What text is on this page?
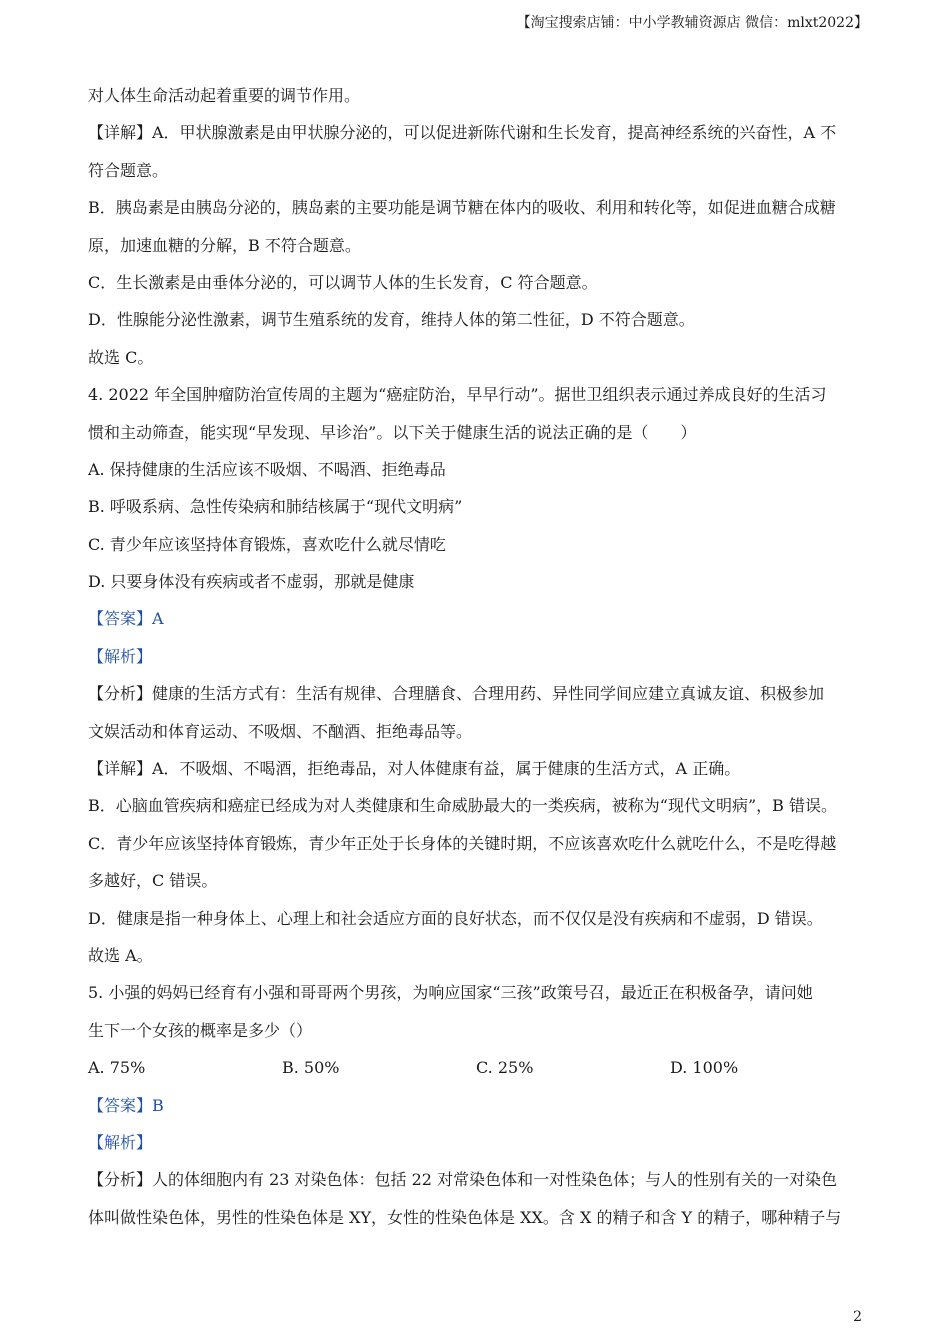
【淘宝搜索店铺：中小学教辅资源店 微信：mlxt2022】
对人体生命活动起着重要的调节作用。
【详解】A．甲状腺激素是由甲状腺分泌的，可以促进新陈代谢和生长发育，提高神经系统的兴奋性，A 不
符合题意。
B．胰岛素是由胰岛分泌的，胰岛素的主要功能是调节糖在体内的吸收、利用和转化等，如促进血糖合成糖
原，加速血糖的分解，B 不符合题意。
C．生长激素是由垂体分泌的，可以调节人体的生长发育，C 符合题意。
D．性腺能分泌性激素，调节生殖系统的发育，维持人体的第二性征，D 不符合题意。
故选 C。
4. 2022 年全国肿瘤防治宣传周的主题为“癌症防治，早早行动”。据世卫组织表示通过养成良好的生活习
惯和主动筛查，能实现“早发现、早诊治”。以下关于健康生活的说法正确的是（　　）
A. 保持健康的生活应该不吸烟、不喝酒、拒绝毒品
B. 呼吸系病、急性传染病和肺结核属于“现代文明病”
C. 青少年应该坚持体育锻炼，喜欢吃什么就尽情吃
D. 只要身体没有疾病或者不虚弱，那就是健康
【答案】A
【解析】
【分析】健康的生活方式有：生活有规律、合理膳食、合理用药、异性同学间应建立真诚友谊、积极参加
文娱活动和体育运动、不吸烟、不酗酒、拒绝毒品等。
【详解】A．不吸烟、不喝酒，拒绝毒品，对人体健康有益，属于健康的生活方式，A 正确。
B．心脑血管疾病和癌症已经成为对人类健康和生命威胁最大的一类疾病，被称为“现代文明病”，B 错误。
C．青少年应该坚持体育锻炼，青少年正处于长身体的关键时期，不应该喜欢吃什么就吃什么，不是吃得越
多越好，C 错误。
D．健康是指一种身体上、心理上和社会适应方面的良好状态，而不仅仅是没有疾病和不虚弱，D 错误。
故选 A。
5. 小强的妈妈已经育有小强和哥哥两个男孩，为响应国家“三孩”政策号召，最近正在积极备孕，请问她
生下一个女孩的概率是多少（）
A. 75%	B. 50%	C. 25%	D. 100%
【答案】B
【解析】
【分析】人的体细胞内有 23 对染色体：包括 22 对常染色体和一对性染色体；与人的性别有关的一对染色
体叫做性染色体，男性的性染色体是 XY，女性的性染色体是 XX。含 X 的精子和含 Y 的精子，哪种精子与
2
